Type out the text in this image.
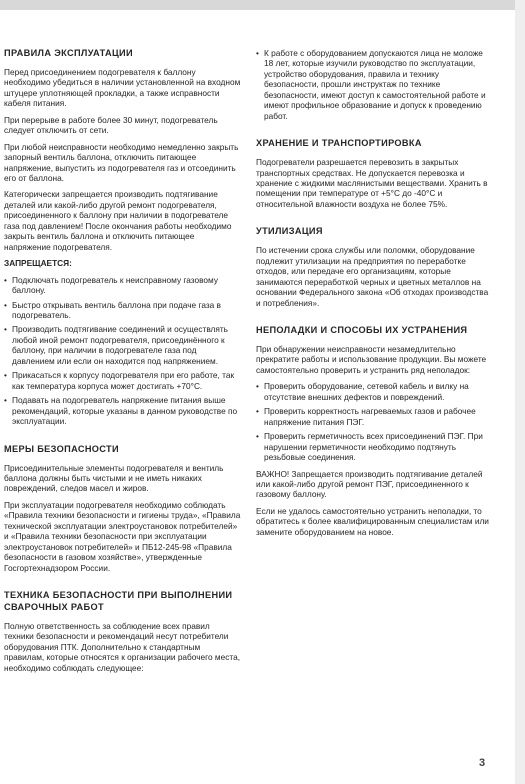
ПРАВИЛА ЭКСПЛУАТАЦИИ

Перед присоединением подогревателя к баллону необходимо убедиться в наличии установленной на входном штуцере уплотняющей прокладки, а также исправности кабеля питания.

При перерыве в работе более 30 минут, подогреватель следует отключить от сети.

При любой неисправности необходимо немедленно закрыть запорный вентиль баллона, отключить питающее напряжение, выпустить из подогревателя газ и отсоединить его от баллона.

Категорически запрещается производить подтягивание деталей или какой-либо другой ремонт подогревателя, присоединенного к баллону при наличии в подогревателе газа под давлением! После окончания работы необходимо закрыть вентиль баллона и отключить питающее напряжение подогревателя.

ЗАПРЕЩАЕТСЯ:

• Подключать подогреватель к неисправному газовому баллону.
• Быстро открывать вентиль баллона при подаче газа в подогреватель.
• Производить подтягивание соединений и осуществлять любой иной ремонт подогревателя, присоединённого к баллону, при наличии в подогревателе газа под давлением или если он находится под напряжением.
• Прикасаться к корпусу подогревателя при его работе, так как температура корпуса может достигать +70°С.
• Подавать на подогреватель напряжение питания выше рекомендаций, которые указаны в данном руководстве по эксплуатации.
МЕРЫ БЕЗОПАСНОСТИ

Присоединительные элементы подогревателя и вентиль баллона должны быть чистыми и не иметь никаких повреждений, следов масел и жиров.

При эксплуатации подогревателя необходимо соблюдать «Правила техники безопасности и гигиены труда», «Правила технической эксплуатации электроустановок потребителей» и «Правила техники безопасности при эксплуатации электроустановок потребителей» и ПБ12-245-98 «Правила безопасности в газовом хозяйстве», утвержденные Госгортехнадзором России.

ТЕХНИКА БЕЗОПАСНОСТИ ПРИ ВЫПОЛНЕНИИ СВАРОЧНЫХ РАБОТ

Полную ответственность за соблюдение всех правил техники безопасности и рекомендаций несут потребители оборудования ПТК. Дополнительно к стандартным правилам, которые относятся к организации рабочего места, необходимо соблюдать следующее:

• К работе с оборудованием допускаются лица не моложе 18 лет, которые изучили руководство по эксплуатации, устройство оборудования, правила и технику безопасности, прошли инструктаж по технике безопасности, имеют доступ к самостоятельной работе и имеют профильное образование и допуск к проведению работ.
ХРАНЕНИЕ И ТРАНСПОРТИРОВКА

Подогреватели разрешается перевозить в закрытых транспортных средствах. Не допускается перевозка и хранение с жидкими маслянистыми веществами. Хранить в помещении при температуре от +5°С до -40°С и относительной влажности воздуха не более 75%.

УТИЛИЗАЦИЯ

По истечении срока службы или поломки, оборудование подлежит утилизации на предприятия по переработке отходов, или передаче его организациям, которые занимаются переработкой черных и цветных металлов на основании Федерального закона «Об отходах производства и потребления».

НЕПОЛАДКИ И СПОСОБЫ ИХ УСТРАНЕНИЯ

При обнаружении неисправности незамедлительно прекратите работы и использование продукции. Вы можете самостоятельно проверить и устранить ряд неполадок:

• Проверить оборудование, сетевой кабель и вилку на отсутствие внешних дефектов и повреждений.
• Проверить корректность нагреваемых газов и рабочее напряжение питания ПЭГ.
• Проверить герметичность всех присоединений ПЭГ. При нарушении герметичности необходимо подтянуть резьбовые соединения.

ВАЖНО! Запрещается производить подтягивание деталей или какой-либо другой ремонт ПЭГ, присоединенного к газовому баллону.

Если не удалось самостоятельно устранить неполадки, то обратитесь к более квалифицированным специалистам или замените оборудованием на новое.

3
